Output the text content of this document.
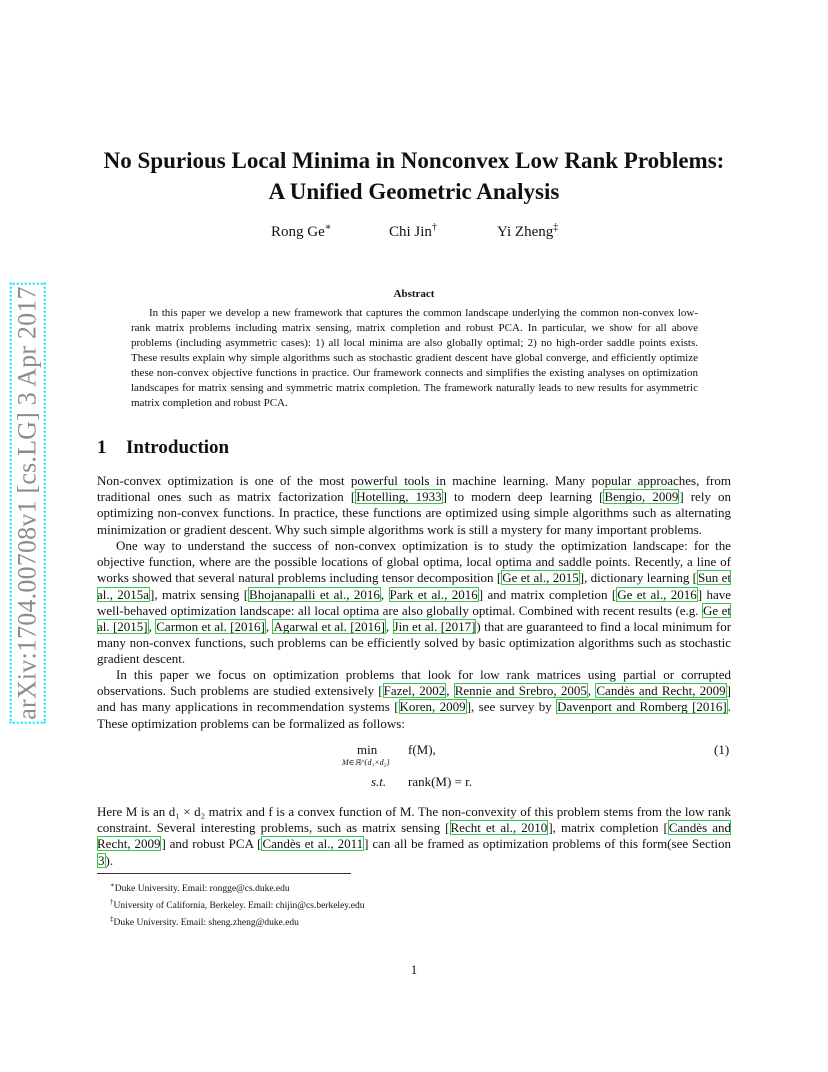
arXiv:1704.00708v1 [cs.LG] 3 Apr 2017
No Spurious Local Minima in Nonconvex Low Rank Problems:
A Unified Geometric Analysis
Rong Ge∗	Chi Jin†	Yi Zheng‡
Abstract

In this paper we develop a new framework that captures the common landscape underlying the common non-convex low-rank matrix problems including matrix sensing, matrix completion and robust PCA. In particular, we show for all above problems (including asymmetric cases): 1) all local minima are also globally optimal; 2) no high-order saddle points exists. These results explain why simple algorithms such as stochastic gradient descent have global converge, and efficiently optimize these non-convex objective functions in practice. Our framework connects and simplifies the existing analyses on optimization landscapes for matrix sensing and symmetric matrix completion. The framework naturally leads to new results for asymmetric matrix completion and robust PCA.

1 Introduction

Non-convex optimization is one of the most powerful tools in machine learning. Many popular approaches, from traditional ones such as matrix factorization [Hotelling, 1933] to modern deep learning [Bengio, 2009] rely on optimizing non-convex functions. In practice, these functions are optimized using simple algorithms such as alternating minimization or gradient descent. Why such simple algorithms work is still a mystery for many important problems.

One way to understand the success of non-convex optimization is to study the optimization landscape: for the objective function, where are the possible locations of global optima, local optima and saddle points. Recently, a line of works showed that several natural problems including tensor decomposition [Ge et al., 2015], dictionary learning [Sun et al., 2015a], matrix sensing [Bhojanapalli et al., 2016, Park et al., 2016] and matrix completion [Ge et al., 2016] have well-behaved optimization landscape: all local optima are also globally optimal. Combined with recent results (e.g. Ge et al. [2015], Carmon et al. [2016], Agarwal et al. [2016], Jin et al. [2017]) that are guaranteed to find a local minimum for many non-convex functions, such problems can be efficiently solved by basic optimization algorithms such as stochastic gradient descent.

In this paper we focus on optimization problems that look for low rank matrices using partial or corrupted observations. Such problems are studied extensively [Fazel, 2002, Rennie and Srebro, 2005, Candès and Recht, 2009] and has many applications in recommendation systems [Koren, 2009], see survey by Davenport and Romberg [2016]. These optimization problems can be formalized as follows:

min
M∈ℝ^{d₁×d₂}
f(M),
s.t. rank(M) = r.
(1)

Here M is an d₁ × d₂ matrix and f is a convex function of M. The non-convexity of this problem stems from the low rank constraint. Several interesting problems, such as matrix sensing [Recht et al., 2010], matrix completion [Candès and Recht, 2009] and robust PCA [Candès et al., 2011] can all be framed as optimization problems of this form(see Section 3).

∗Duke University. Email: rongge@cs.duke.edu
†University of California, Berkeley. Email: chijin@cs.berkeley.edu
‡Duke University. Email: sheng.zheng@duke.edu
1
